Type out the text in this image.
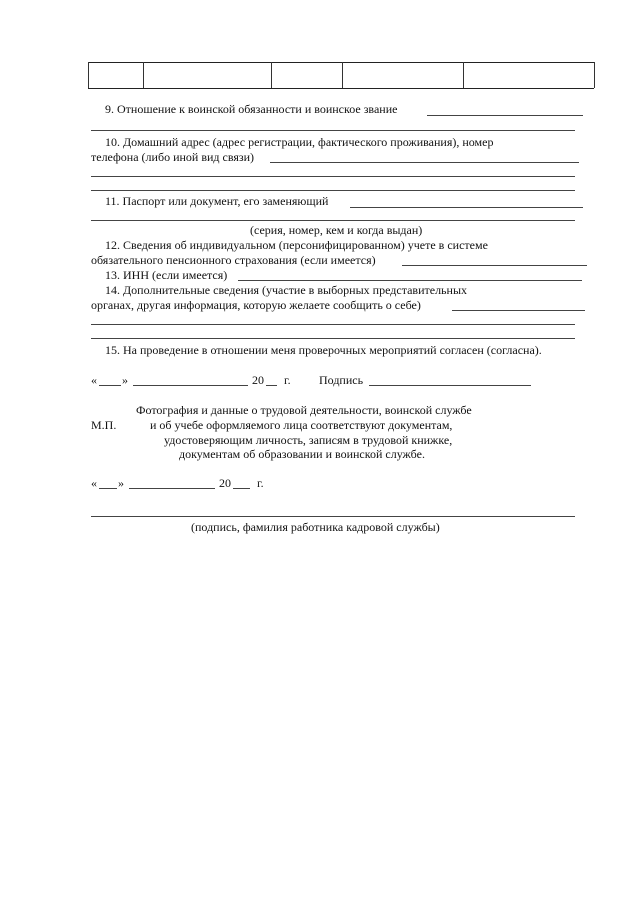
9. Отношение к воинской обязанности и воинское звание
10. Домашний адрес (адрес регистрации, фактического проживания), номер
телефона (либо иной вид связи)
11. Паспорт или документ, его заменяющий
(серия, номер, кем и когда выдан)
12. Сведения об индивидуальном (персонифицированном) учете в системе
обязательного пенсионного страхования (если имеется)
13. ИНН (если имеется)
14. Дополнительные сведения (участие в выборных представительных
органах, другая информация, которую желаете сообщить о себе)
15. На проведение в отношении меня проверочных мероприятий согласен (согласна).
« »	20 г. Подпись
Фотография и данные о трудовой деятельности, воинской службе
М.П.	и об учебе оформляемого лица соответствуют документам,
удостоверяющим личность, записям в трудовой книжке,
документам об образовании и воинской службе.
« »	20 г.
(подпись, фамилия работника кадровой службы)
